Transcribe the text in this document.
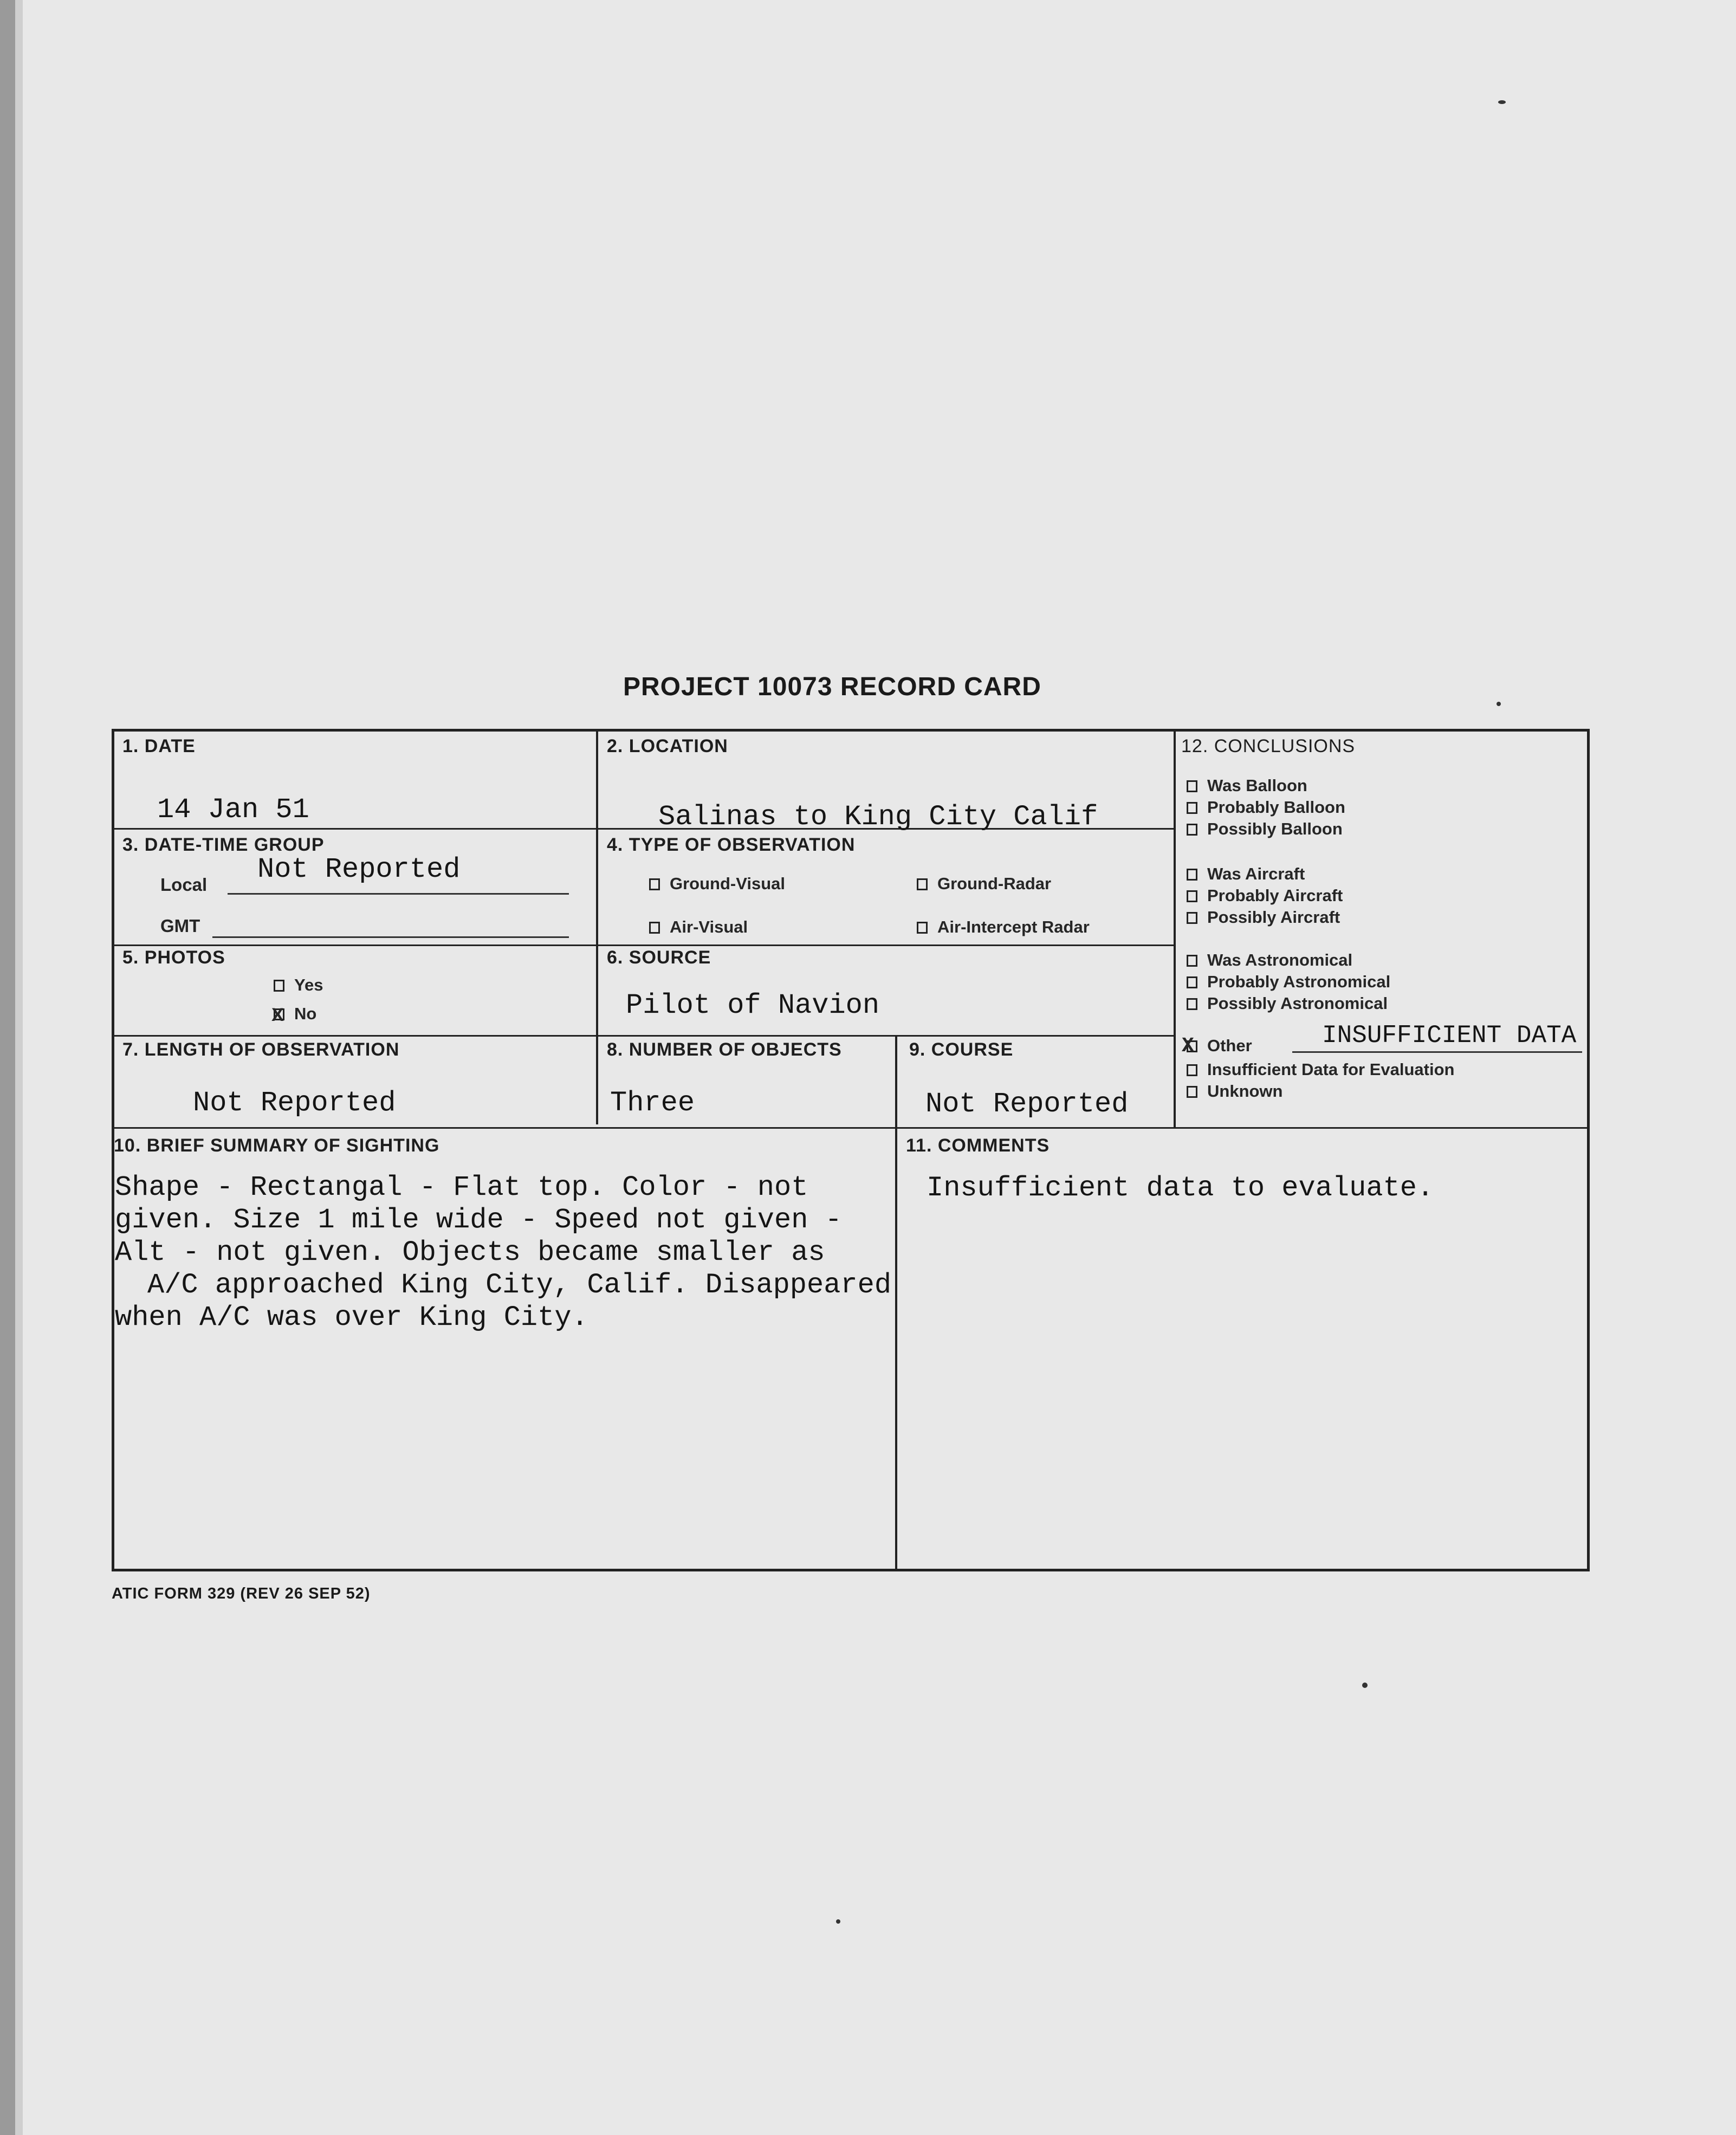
PROJECT 10073 RECORD CARD
1. DATE
14 Jan 51
2. LOCATION
Salinas to King City Calif
3. DATE-TIME GROUP
Local Not Reported
GMT
4. TYPE OF OBSERVATION
Ground-Visual	Ground-Radar
Air-Visual	Air-Intercept Radar
5. PHOTOS
Yes
X No
6. SOURCE
Pilot of Navion
7. LENGTH OF OBSERVATION
Not Reported
8. NUMBER OF OBJECTS
Three
9. COURSE
Not Reported
10. BRIEF SUMMARY OF SIGHTING
Shape - Rectangal - Flat top. Color - not
given. Size 1 mile wide - Speed not given -
Alt - not given. Objects became smaller as
A/C approached King City, Calif. Disappeared
when A/C was over King City.
11. COMMENTS
Insufficient data to evaluate.
12. CONCLUSIONS
Was Balloon
Probably Balloon
Possibly Balloon
Was Aircraft
Probably Aircraft
Possibly Aircraft
Was Astronomical
Probably Astronomical
Possibly Astronomical
X Other
Insufficient Data for Evaluation
Unknown
INSUFFICIENT DATA
ATIC FORM 329 (REV 26 SEP 52)
